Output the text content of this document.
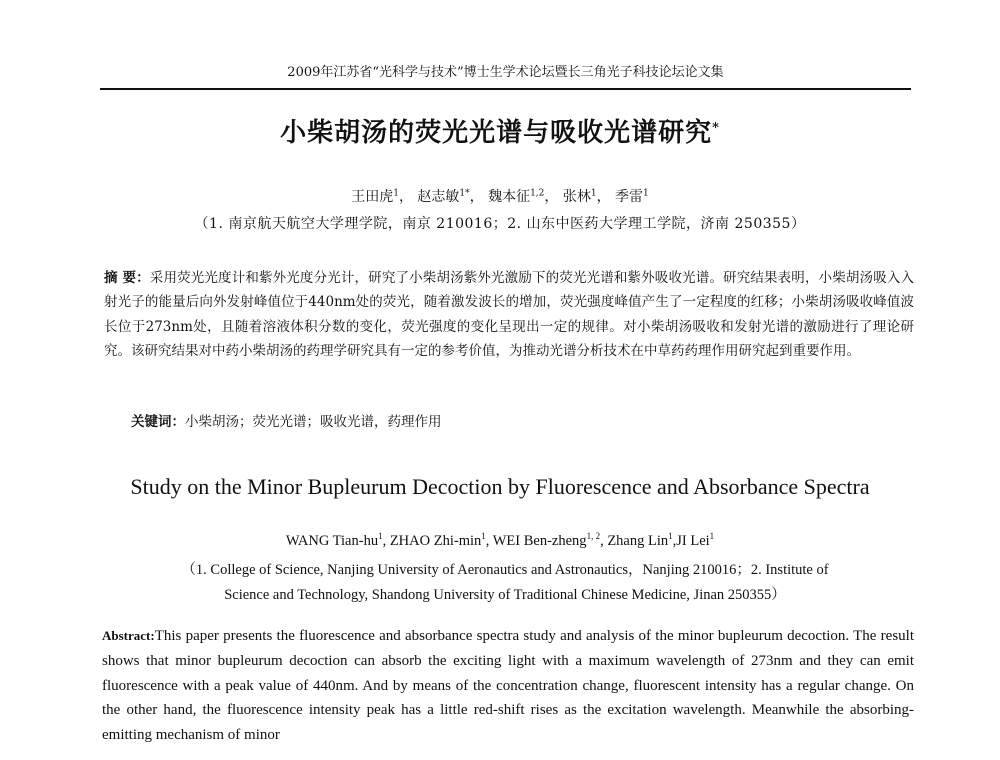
2009年江苏省“光科学与技术”博士生学术论坛暨长三角光子科技论坛论文集
小柴胡汤的荧光光谱与吸收光谱研究*
王田虎$^1$， 赵志敏$^{1*}$， 魏本征$^{1,2}$， 张林$^1$， 季雷$^1$
（1. 南京航天航空大学理学院，南京 210016；2. 山东中医药大学理工学院，济南 250355）

摘 要：采用荧光光度计和紫外光度分光计，研究了小柴胡汤紫外光激励下的荧光光谱和紫外吸收光谱。研究结果表明，小柴胡汤吸入入射光子的能量后向外发射峰值位于440nm处的荧光，随着激发波长的增加，荧光强度峰值产生了一定程度的红移；小柴胡汤吸收峰值波长位于273nm处，且随着溶液体积分数的变化，荧光强度的变化呈现出一定的规律。对小柴胡汤吸收和发射光谱的激励进行了理论研究。该研究结果对中药小柴胡汤的药理学研究具有一定的参考价值，为推动光谱分析技术在中草药药理作用研究起到重要作用。

关键词：小柴胡汤；荧光光谱；吸收光谱，药理作用
Study on the Minor Bupleurum Decoction by Fluorescence and Absorbance Spectra
WANG Tian-$hu^1$, ZHAO Zhi-$\min^1$, WEI Ben-zheng$^{1, 2}$, Zhang Lin$^1$,JI Lei$^1$
（1. College of Science, Nanjing University of Aeronautics and Astronautics，Nanjing 210016；2. Institute of
Science and Technology, Shandong University of Traditional Chinese Medicine, Jinan 250355）
Abstract:This paper presents the fluorescence and absorbance spectra study and analysis of the minor bupleurum decoction. The result shows that minor bupleurum decoction can absorb the exciting light with a maximum wavelength of 273nm and they can emit fluorescence with a peak value of 440nm. And by means of the concentration change, fluorescent intensity has a regular change. On the other hand, the fluorescence intensity peak has a little red-shift rises as the excitation wavelength. Meanwhile the absorbing-emitting mechanism of minor
